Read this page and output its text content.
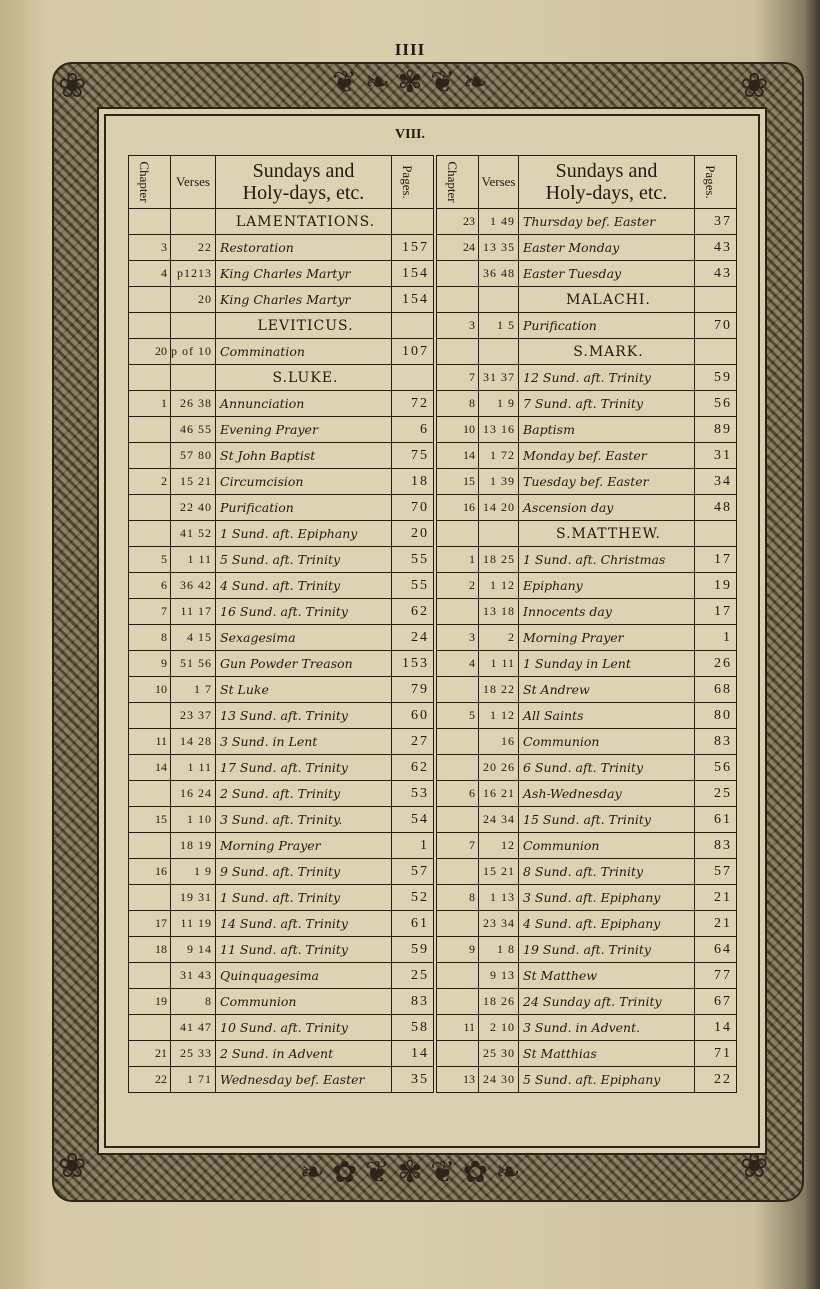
IIII
❦ ❧ ✾ ❦ ❧
❧ ✿ ❦ ✾ ❦ ✿ ❧
❀	❀
❀	❀
VIII.
Chapter	Verses	Sundays and
Holy-days, etc.	Pages.

		LAMENTATIONS.	
3	22	Restoration	157
4	p1213	King Charles Martyr	154
	20	King Charles Martyr	154
		LEVITICUS.	
20	p of 10	Commination	107
		S.LUKE.	
1	26 38	Annunciation	72
	46 55	Evening Prayer	6
	57 80	St John Baptist	75
2	15 21	Circumcision	18
	22 40	Purification	70
	41 52	1 Sund. aft. Epiphany	20
5	1 11	5 Sund. aft. Trinity	55
6	36 42	4 Sund. aft. Trinity	55
7	11 17	16 Sund. aft. Trinity	62
8	4 15	Sexagesima	24
9	51 56	Gun Powder Treason	153
10	1 7	St Luke	79
	23 37	13 Sund. aft. Trinity	60
11	14 28	3 Sund. in Lent	27
14	1 11	17 Sund. aft. Trinity	62
	16 24	2 Sund. aft. Trinity	53
15	1 10	3 Sund. aft. Trinity.	54
	18 19	Morning Prayer	1
16	1 9	9 Sund. aft. Trinity	57
	19 31	1 Sund. aft. Trinity	52
17	11 19	14 Sund. aft. Trinity	61
18	9 14	11 Sund. aft. Trinity	59
	31 43	Quinquagesima	25
19	8	Communion	83
	41 47	10 Sund. aft. Trinity	58
21	25 33	2 Sund. in Advent	14
22	1 71	Wednesday bef. Easter	35
Chapter	Verses	Sundays and
Holy-days, etc.	Pages.

23	1 49	Thursday bef. Easter	37
24	13 35	Easter Monday	43
	36 48	Easter Tuesday	43
		MALACHI.	
3	1 5	Purification	70
		S.MARK.	
7	31 37	12 Sund. aft. Trinity	59
8	1 9	7 Sund. aft. Trinity	56
10	13 16	Baptism	89
14	1 72	Monday bef. Easter	31
15	1 39	Tuesday bef. Easter	34
16	14 20	Ascension day	48
		S.MATTHEW.	
1	18 25	1 Sund. aft. Christmas	17
2	1 12	Epiphany	19
	13 18	Innocents day	17
3	2	Morning Prayer	1
4	1 11	1 Sunday in Lent	26
	18 22	St Andrew	68
5	1 12	All Saints	80
	16	Communion	83
	20 26	6 Sund. aft. Trinity	56
6	16 21	Ash-Wednesday	25
	24 34	15 Sund. aft. Trinity	61
7	12	Communion	83
	15 21	8 Sund. aft. Trinity	57
8	1 13	3 Sund. aft. Epiphany	21
	23 34	4 Sund. aft. Epiphany	21
9	1 8	19 Sund. aft. Trinity	64
	9 13	St Matthew	77
	18 26	24 Sunday aft. Trinity	67
11	2 10	3 Sund. in Advent.	14
	25 30	St Matthias	71
13	24 30	5 Sund. aft. Epiphany	22
